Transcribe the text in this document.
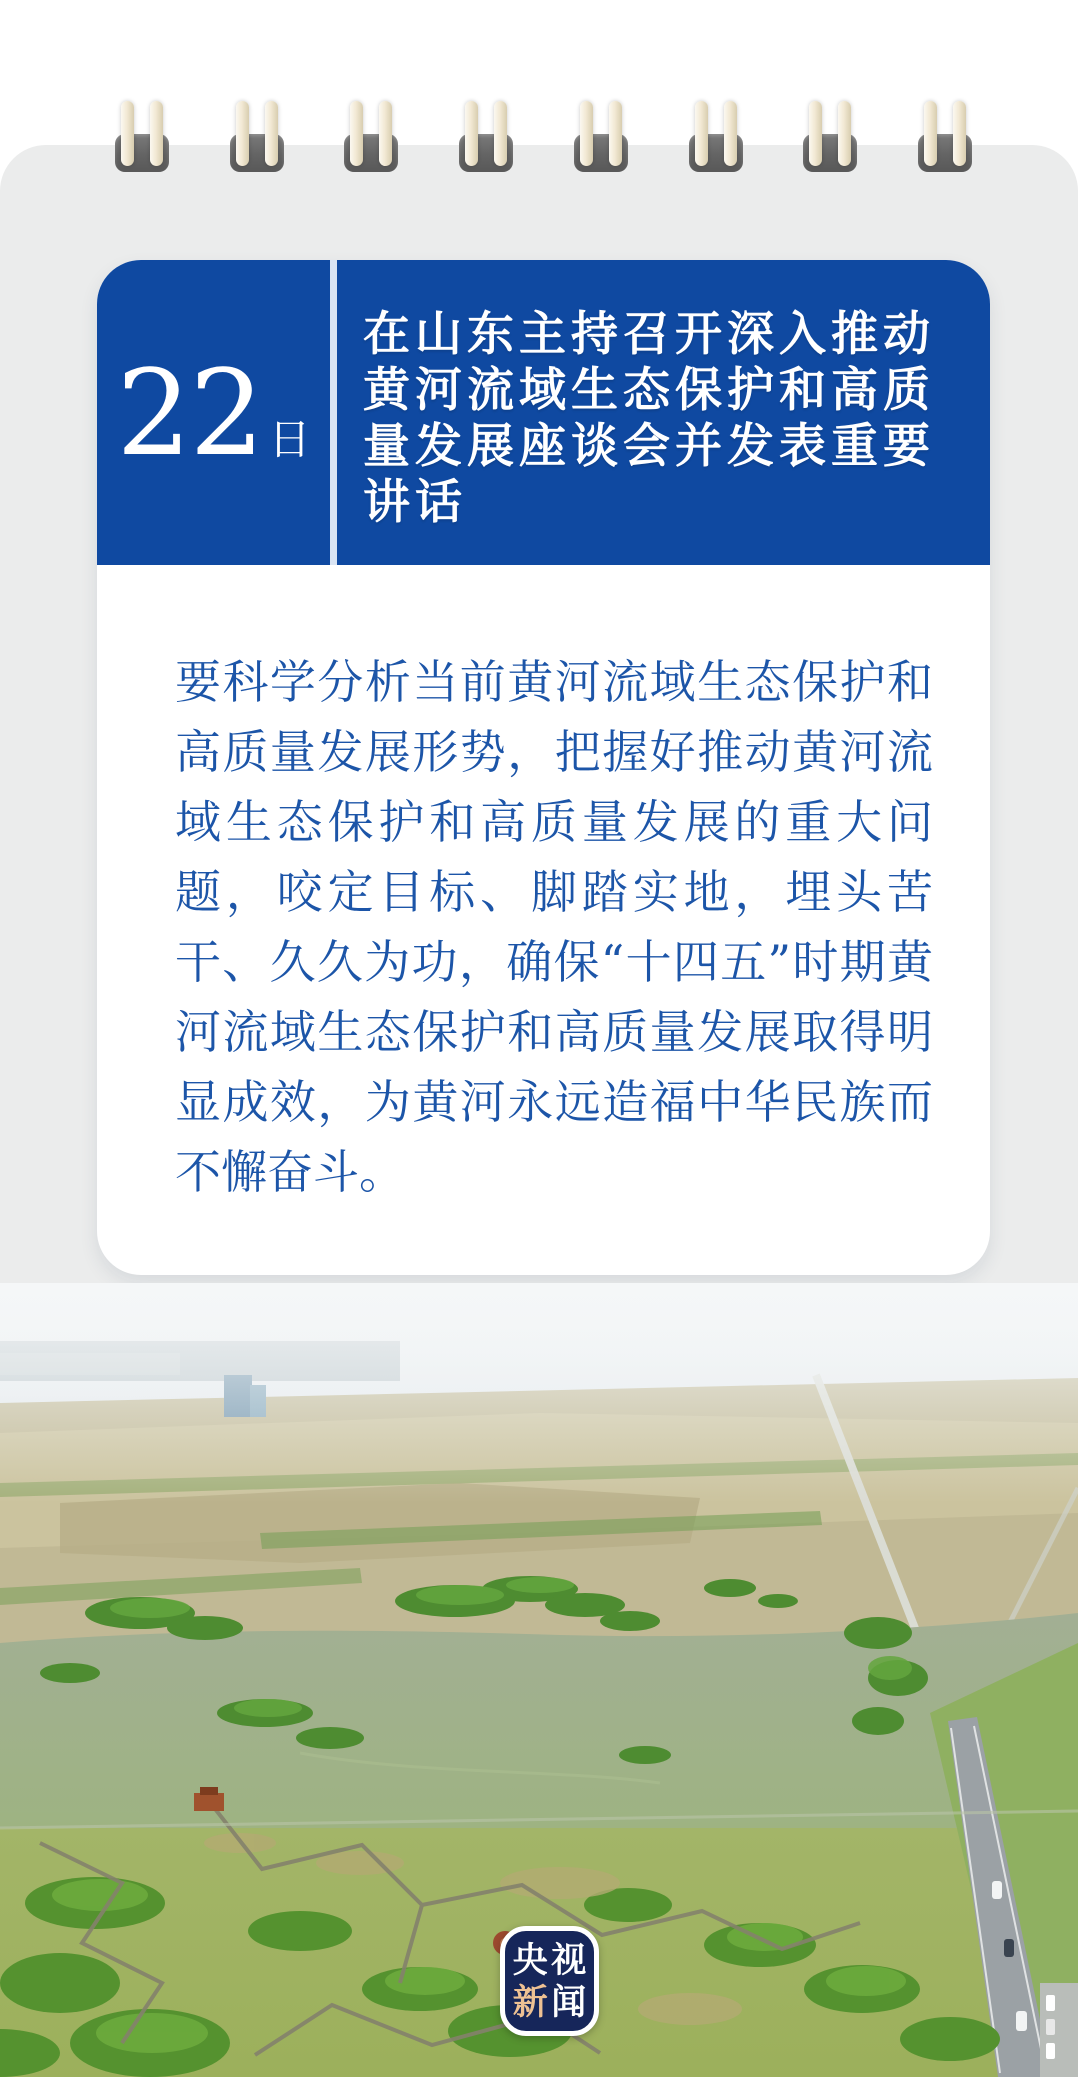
22 日
在山东主持召开深入推动黄河流域生态保护和高质量发展座谈会并发表重要讲话
要科学分析当前黄河流域生态保护和高质量发展形势，把握好推动黄河流域生态保护和高质量发展的重大问题，咬定目标、脚踏实地，埋头苦干、久久为功，确保“十四五”时期黄河流域生态保护和高质量发展取得明显成效，为黄河永远造福中华民族而不懈奋斗。
央 视
新 闻
